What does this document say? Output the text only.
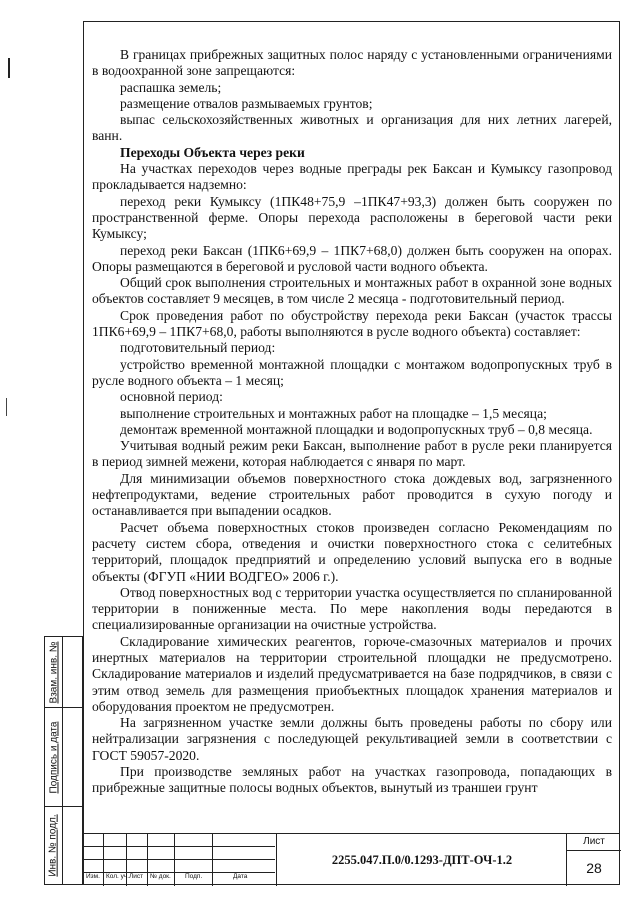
В границах прибрежных защитных полос наряду с установленными ограничениями в водоохранной зоне запрещаются:

распашка земель;

размещение отвалов размываемых грунтов;

выпас сельскохозяйственных животных и организация для них летних лагерей, ванн.

Переходы Объекта через реки

На участках переходов через водные преграды рек Баксан и Кумыксу газопровод прокладывается надземно:

переход реки Кумыксу (1ПК48+75,9 –1ПК47+93,3) должен быть сооружен по пространственной ферме. Опоры перехода расположены в береговой части реки Кумыксу;

переход реки Баксан (1ПК6+69,9 – 1ПК7+68,0) должен быть сооружен на опорах. Опоры размещаются в береговой и русловой части водного объекта.

Общий срок выполнения строительных и монтажных работ в охранной зоне водных объектов составляет 9 месяцев, в том числе 2 месяца - подготовительный период.

Срок проведения работ по обустройству перехода реки Баксан (участок трассы 1ПК6+69,9 – 1ПК7+68,0, работы выполняются в русле водного объекта) составляет:

подготовительный период:

устройство временной монтажной площадки с монтажом водопропускных труб в русле водного объекта – 1 месяц;

основной период:

выполнение строительных и монтажных работ на площадке – 1,5 месяца;

демонтаж временной монтажной площадки и водопропускных труб – 0,8 месяца.

Учитывая водный режим реки Баксан, выполнение работ в русле реки планируется в период зимней межени, которая наблюдается с января по март.

Для минимизации объемов поверхностного стока дождевых вод, загрязненного нефтепродуктами, ведение строительных работ проводится в сухую погоду и останавливается при выпадении осадков.

Расчет объема поверхностных стоков произведен согласно Рекомендациям по расчету систем сбора, отведения и очистки поверхностного стока с селитебных территорий, площадок предприятий и определению условий выпуска его в водные объекты (ФГУП «НИИ ВОДГЕО» 2006 г.).

Отвод поверхностных вод с территории участка осуществляется по спланированной территории в пониженные места. По мере накопления воды передаются в специализированные организации на очистные устройства.

Складирование химических реагентов, горюче-смазочных материалов и прочих инертных материалов на территории строительной площадки не предусмотрено. Складирование материалов и изделий предусматривается на базе подрядчиков, в связи с этим отвод земель для размещения приобъектных площадок хранения материалов и оборудования проектом не предусмотрен.

На загрязненном участке земли должны быть проведены работы по сбору или нейтрализации загрязнения с последующей рекультивацией земли в соответствии с ГОСТ 59057-2020.

При производстве земляных работ на участках газопровода, попадающих в прибрежные защитные полосы водных объектов, вынутый из траншеи грунт

Взам. инв. №
Подпись и дата
Инв. № подл.	Изм. Кол. уч. Лист № док. Подп.	Дата
2255.047.П.0/0.1293-ДПТ-ОЧ-1.2
Лист
28
